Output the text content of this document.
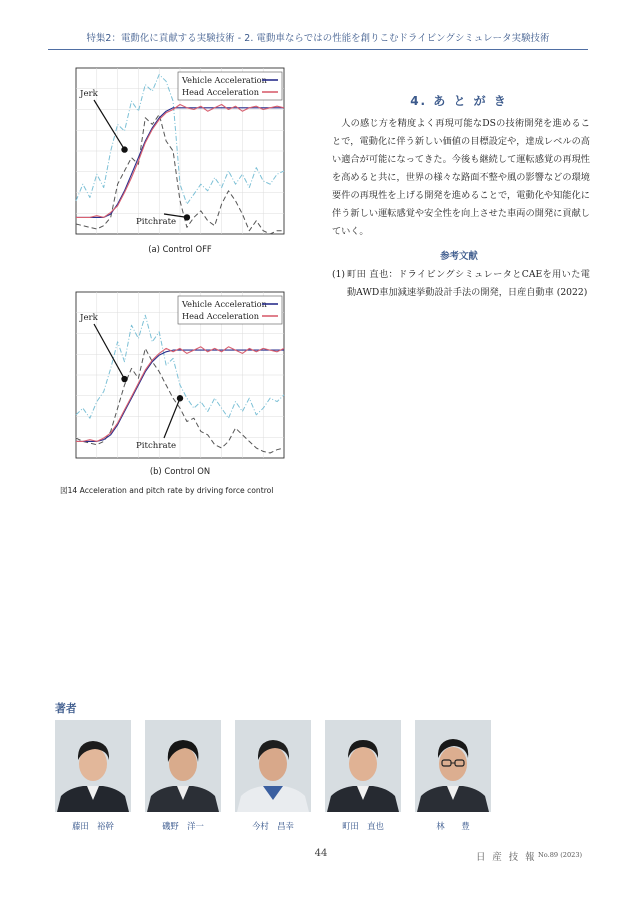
特集2：電動化に貢献する実験技術 - 2. 電動車ならではの性能を創りこむドライビングシミュレータ実験技術
Vehicle Acceleration
Head Acceleration
Jerk
Pitchrate
(a) Control OFF
Vehicle Acceleration
Head Acceleration
Jerk
Pitchrate
(b) Control ON
図14 Acceleration and pitch rate by driving force control
4. あ と が き

人の感じ方を精度よく再現可能なDSの技術開発を進めることで，電動化に伴う新しい価値の目標設定や，達成レベルの高い適合が可能になってきた。今後も継続して運転感覚の再現性を高めると共に，世界の様々な路面不整や風の影響などの環境要件の再現性を上げる開発を進めることで，電動化や知能化に伴う新しい運転感覚や安全性を向上させた車両の開発に貢献していく。

参考文献
(1) 町田 直也：ドライビングシミュレータとCAEを用いた電動AWD車加減速挙動設計手法の開発，日産自動車 (2022)
著者
藤田　裕幹	磯野　洋一	今村　昌幸	町田　直也	林　　豊
44	日 産 技 報 No.89 (2023)
